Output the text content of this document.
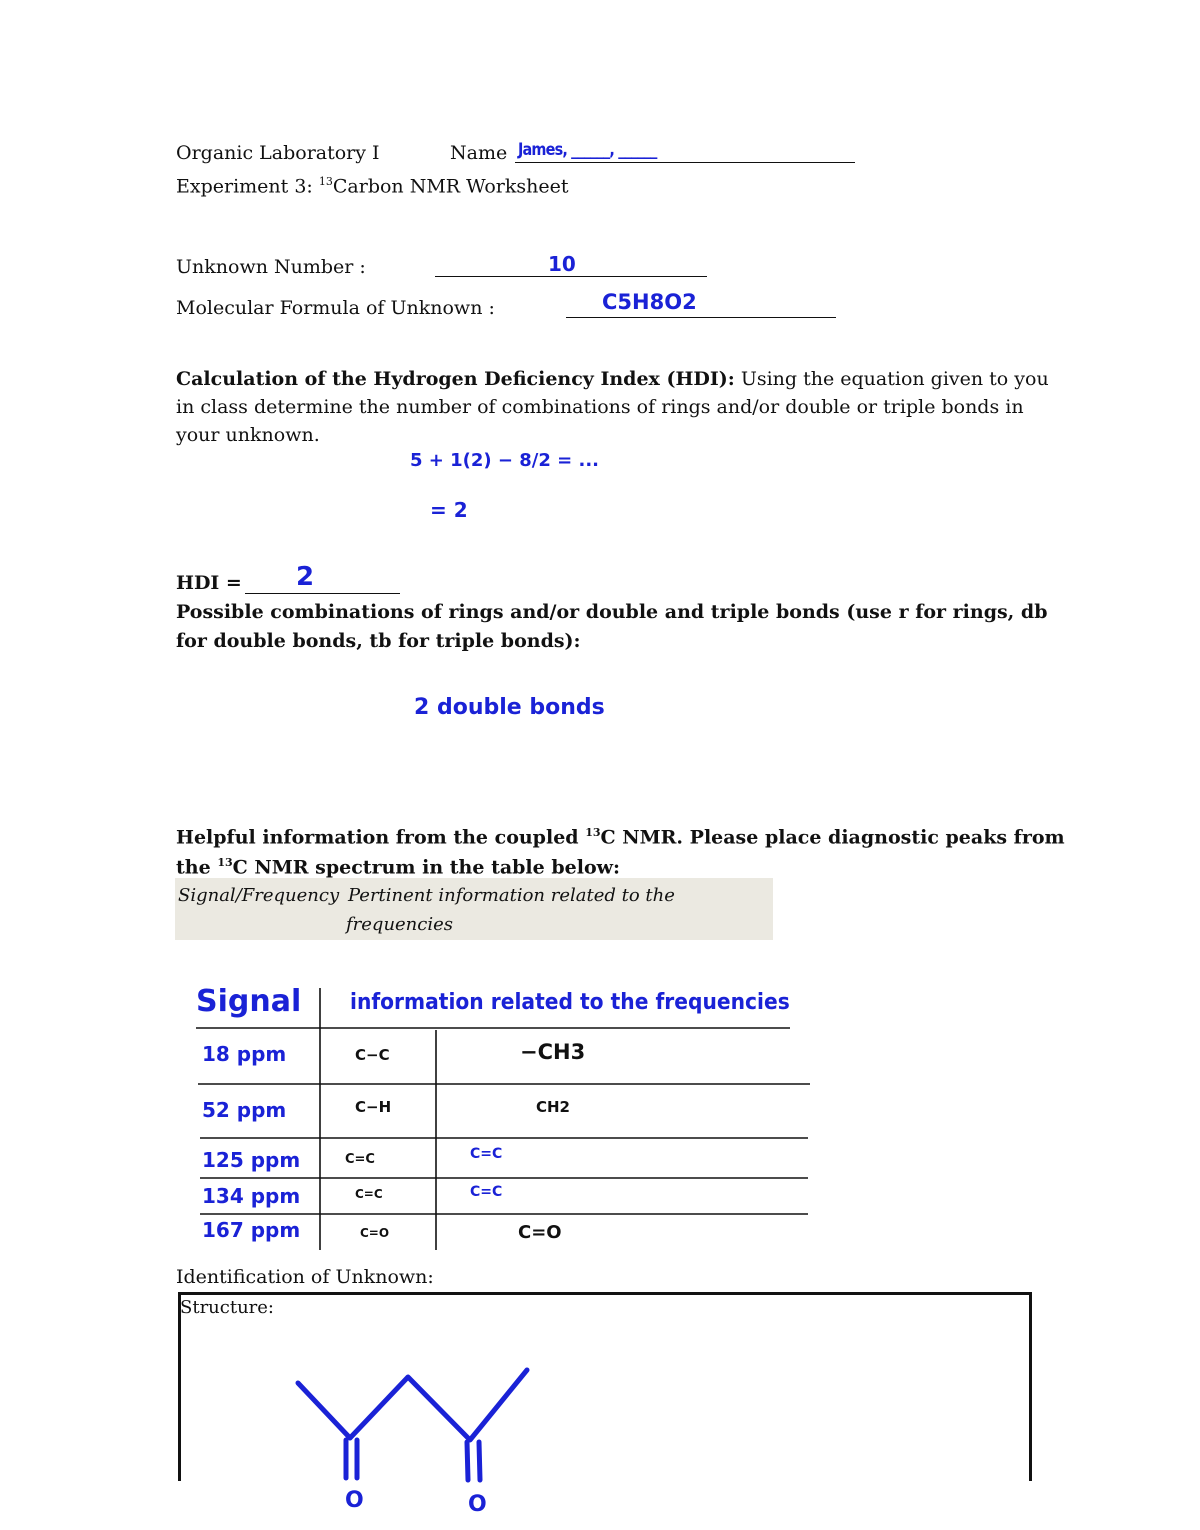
Organic Laboratory I	Name James, ______, ______
Experiment 3: $^{13}$Carbon NMR Worksheet
Unknown Number :	10
Molecular Formula of Unknown :	C5H8O2
Calculation of the Hydrogen Deficiency Index (HDI): Using the equation given to you
in class determine the number of combinations of rings and/or double or triple bonds in
your unknown.
5 + 1(2) − 8/2 = ...
= 2
HDI = 2
Possible combinations of rings and/or double and triple bonds (use r for rings, db
for double bonds, tb for triple bonds):
2 double bonds
Helpful information from the coupled $^{13}$C NMR. Please place diagnostic peaks from
the $^{13}$C NMR spectrum in the table below:
Signal/Frequency Pertinent information related to the
frequencies
Signal information related to the frequencies
18 ppm	C−C	−CH3
52 ppm	C−H	CH2
125 ppm	C=C	C=C
134 ppm	C=C	C=C
167 ppm	C=O	C=O
Identification of Unknown:
Structure:
O	O
